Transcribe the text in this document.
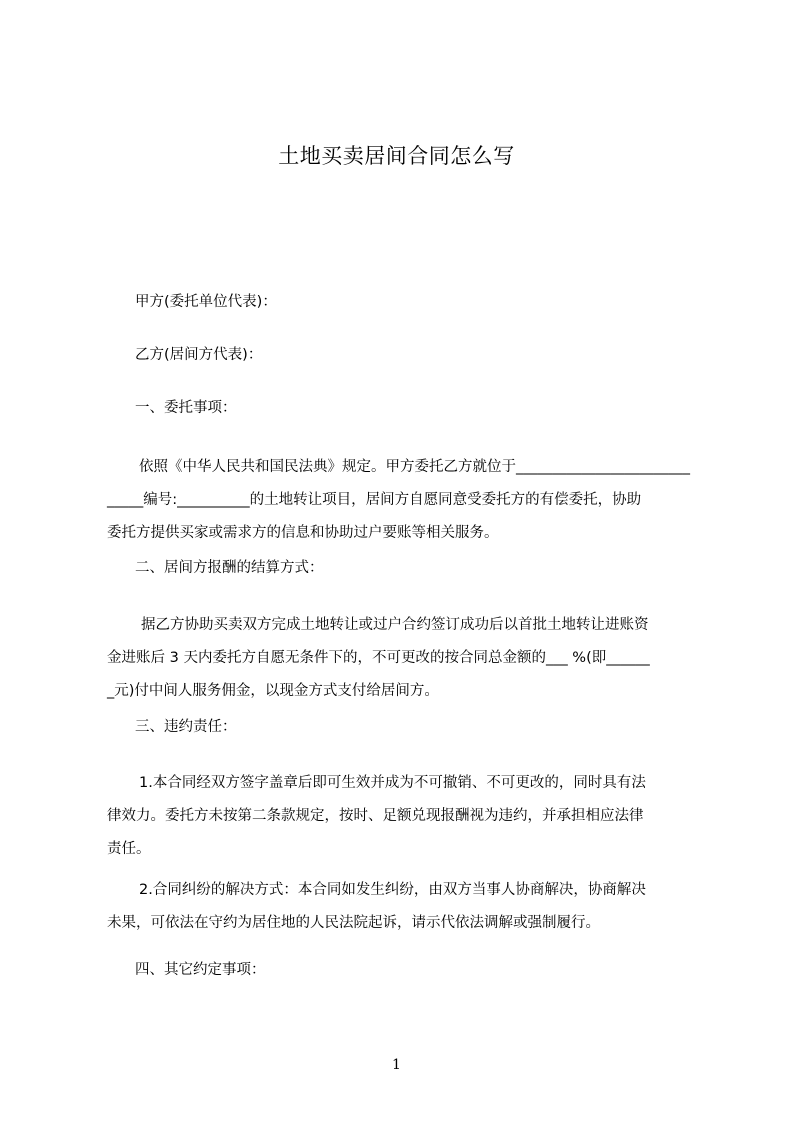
土地买卖居间合同怎么写
甲方(委托单位代表)：
乙方(居间方代表)：
一、委托事项：
依照《中华人民共和国民法典》规定。甲方委托乙方就位于________________________
_____编号:__________的土地转让项目，居间方自愿同意受委托方的有偿委托，协助
委托方提供买家或需求方的信息和协助过户要账等相关服务。
二、居间方报酬的结算方式：
据乙方协助买卖双方完成土地转让或过户合约签订成功后以首批土地转让进账资
金进账后 3 天内委托方自愿无条件下的，不可更改的按合同总金额的___ %(即______
_元)付中间人服务佣金，以现金方式支付给居间方。
三、违约责任：
1.本合同经双方签字盖章后即可生效并成为不可撤销、不可更改的，同时具有法
律效力。委托方未按第二条款规定，按时、足额兑现报酬视为违约，并承担相应法律
责任。
2.合同纠纷的解决方式：本合同如发生纠纷，由双方当事人协商解决，协商解决
未果，可依法在守约为居住地的人民法院起诉，请示代依法调解或强制履行。
四、其它约定事项：
1
